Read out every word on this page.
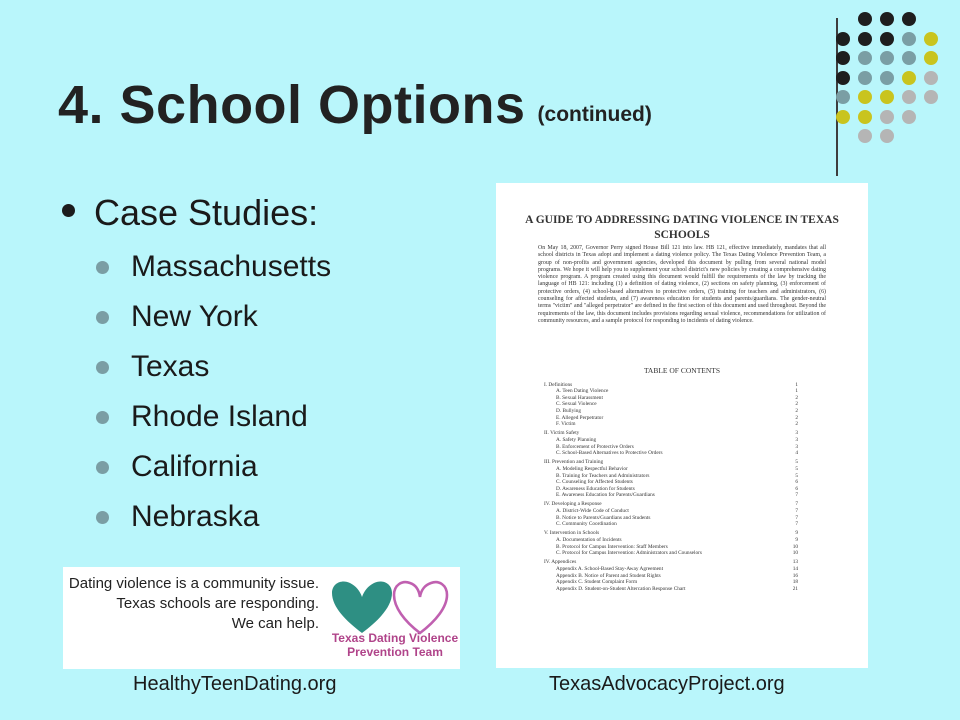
4. School Options (continued)
Case Studies:
Massachusetts
New York
Texas
Rhode Island
California
Nebraska
Dating violence is a community issue.
Texas schools are responding.
We can help.
Texas Dating Violence Prevention Team
A GUIDE TO ADDRESSING DATING VIOLENCE IN TEXAS SCHOOLS
On May 18, 2007, Governor Perry signed House Bill 121 into law. HB 121, effective immediately, mandates that all school districts in Texas adopt and implement a dating violence policy. The Texas Dating Violence Prevention Team, a group of non-profits and government agencies, developed this document by pulling from several national model programs. We hope it will help you to supplement your school district's new policies by creating a comprehensive dating violence program. A program created using this document would fulfill the requirements of the law by tracking the language of HB 121: including (1) a definition of dating violence, (2) sections on safety planning, (3) enforcement of protective orders, (4) school-based alternatives to protective orders, (5) training for teachers and administrators, (6) counseling for affected students, and (7) awareness education for students and parents/guardians. The gender-neutral terms "victim" and "alleged perpetrator" are defined in the first section of this document and used throughout. Beyond the requirements of the law, this document includes provisions regarding sexual violence, recommendations for utilization of community resources, and a sample protocol for responding to incidents of dating violence.
TABLE OF CONTENTS
I. Definitions	1
A. Teen Dating Violence	1
B. Sexual Harassment	2
C. Sexual Violence	2
D. Bullying	2
E. Alleged Perpetrator	2
F. Victim	2
II. Victim Safety	3
A. Safety Planning	3
B. Enforcement of Protective Orders	3
C. School-Based Alternatives to Protective Orders	4
III. Prevention and Training	5
A. Modeling Respectful Behavior	5
B. Training for Teachers and Administrators	5
C. Counseling for Affected Students	6
D. Awareness Education for Students	6
E. Awareness Education for Parents/Guardians	7
IV. Developing a Response	7
A. District-Wide Code of Conduct	7
B. Notice to Parents/Guardians and Students	7
C. Community Coordination	7
V. Intervention in Schools	9
A. Documentation of Incidents	9
B. Protocol for Campus Intervention: Staff Members	10
C. Protocol for Campus Intervention: Administrators and Counselors	10
IV. Appendices	13
Appendix A. School-Based Stay-Away Agreement	14
Appendix B. Notice of Parent and Student Rights	16
Appendix C. Student Complaint Form	18
Appendix D. Student-on-Student Altercation Response Chart	21
HealthyTeenDating.org	TexasAdvocacyProject.org
